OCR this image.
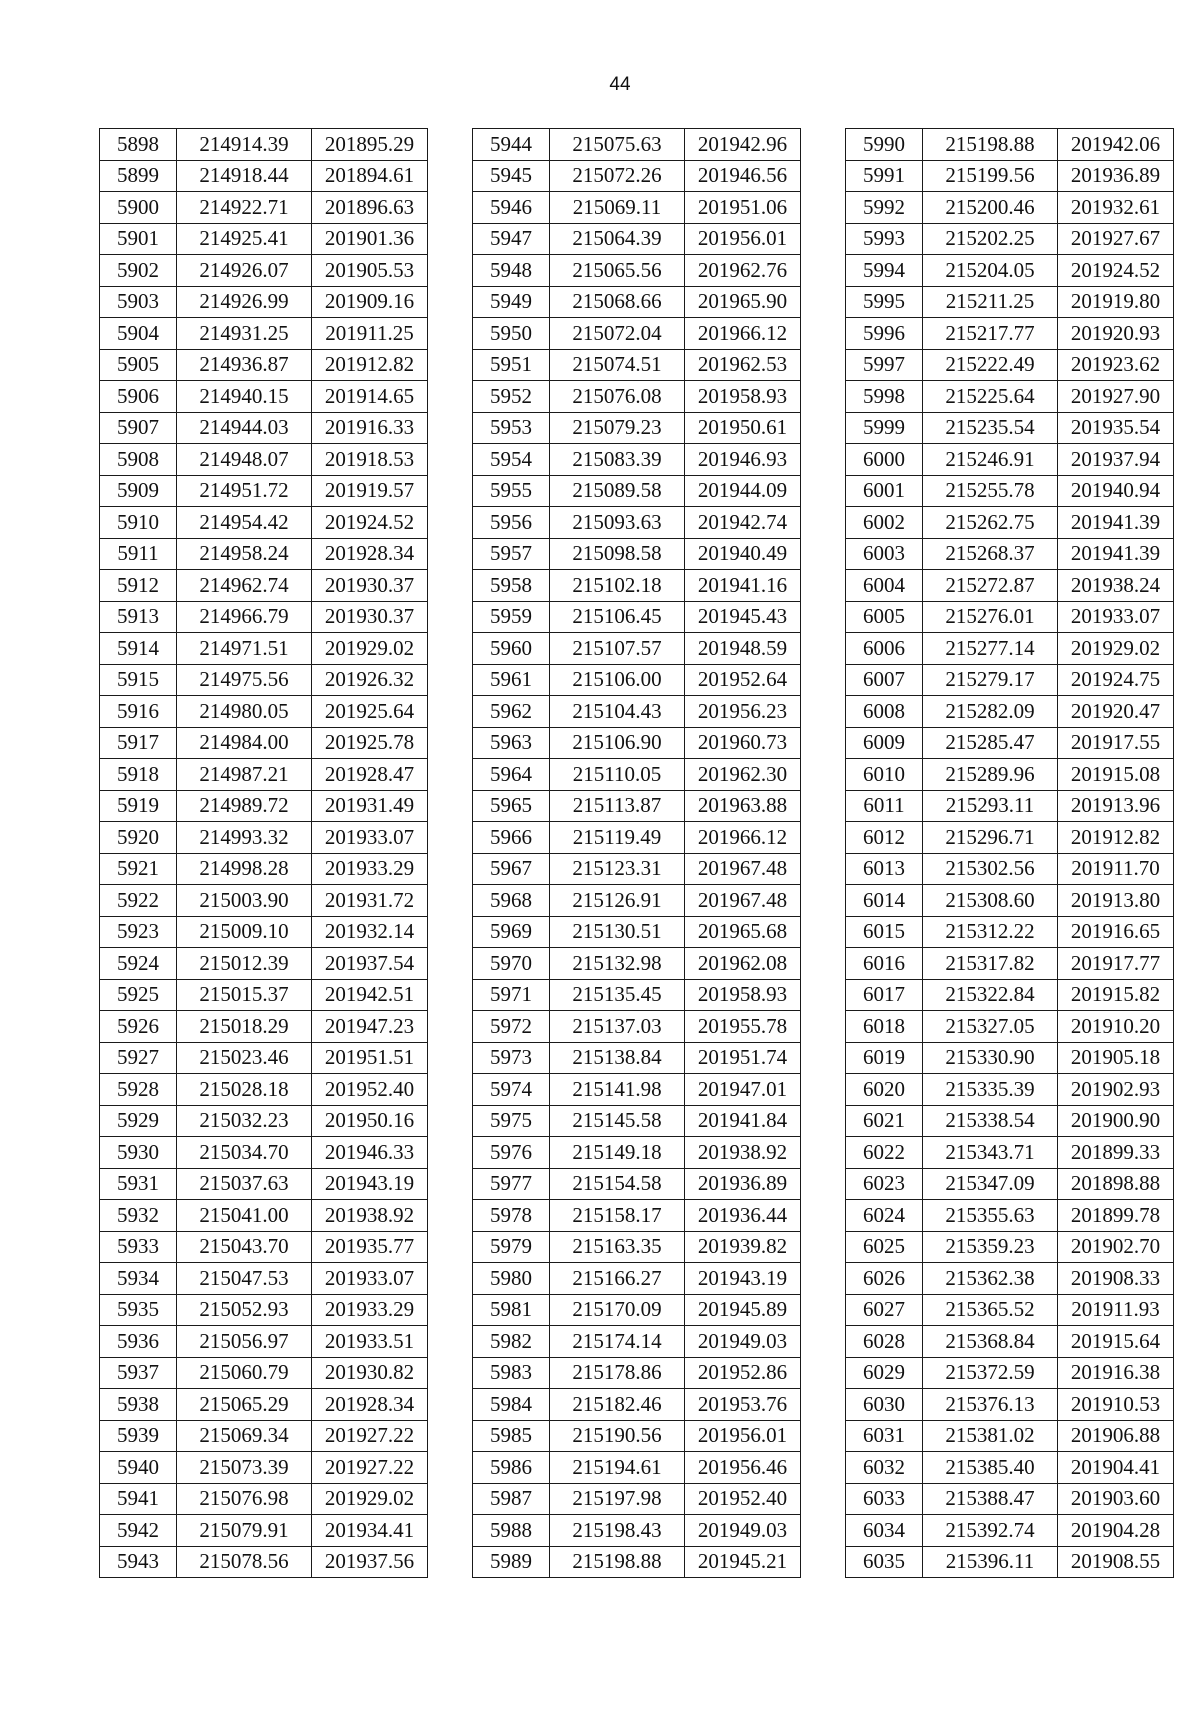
44
5898	214914.39	201895.29
5899	214918.44	201894.61
5900	214922.71	201896.63
5901	214925.41	201901.36
5902	214926.07	201905.53
5903	214926.99	201909.16
5904	214931.25	201911.25
5905	214936.87	201912.82
5906	214940.15	201914.65
5907	214944.03	201916.33
5908	214948.07	201918.53
5909	214951.72	201919.57
5910	214954.42	201924.52
5911	214958.24	201928.34
5912	214962.74	201930.37
5913	214966.79	201930.37
5914	214971.51	201929.02
5915	214975.56	201926.32
5916	214980.05	201925.64
5917	214984.00	201925.78
5918	214987.21	201928.47
5919	214989.72	201931.49
5920	214993.32	201933.07
5921	214998.28	201933.29
5922	215003.90	201931.72
5923	215009.10	201932.14
5924	215012.39	201937.54
5925	215015.37	201942.51
5926	215018.29	201947.23
5927	215023.46	201951.51
5928	215028.18	201952.40
5929	215032.23	201950.16
5930	215034.70	201946.33
5931	215037.63	201943.19
5932	215041.00	201938.92
5933	215043.70	201935.77
5934	215047.53	201933.07
5935	215052.93	201933.29
5936	215056.97	201933.51
5937	215060.79	201930.82
5938	215065.29	201928.34
5939	215069.34	201927.22
5940	215073.39	201927.22
5941	215076.98	201929.02
5942	215079.91	201934.41
5943	215078.56	201937.56
5944	215075.63	201942.96
5945	215072.26	201946.56
5946	215069.11	201951.06
5947	215064.39	201956.01
5948	215065.56	201962.76
5949	215068.66	201965.90
5950	215072.04	201966.12
5951	215074.51	201962.53
5952	215076.08	201958.93
5953	215079.23	201950.61
5954	215083.39	201946.93
5955	215089.58	201944.09
5956	215093.63	201942.74
5957	215098.58	201940.49
5958	215102.18	201941.16
5959	215106.45	201945.43
5960	215107.57	201948.59
5961	215106.00	201952.64
5962	215104.43	201956.23
5963	215106.90	201960.73
5964	215110.05	201962.30
5965	215113.87	201963.88
5966	215119.49	201966.12
5967	215123.31	201967.48
5968	215126.91	201967.48
5969	215130.51	201965.68
5970	215132.98	201962.08
5971	215135.45	201958.93
5972	215137.03	201955.78
5973	215138.84	201951.74
5974	215141.98	201947.01
5975	215145.58	201941.84
5976	215149.18	201938.92
5977	215154.58	201936.89
5978	215158.17	201936.44
5979	215163.35	201939.82
5980	215166.27	201943.19
5981	215170.09	201945.89
5982	215174.14	201949.03
5983	215178.86	201952.86
5984	215182.46	201953.76
5985	215190.56	201956.01
5986	215194.61	201956.46
5987	215197.98	201952.40
5988	215198.43	201949.03
5989	215198.88	201945.21
5990	215198.88	201942.06
5991	215199.56	201936.89
5992	215200.46	201932.61
5993	215202.25	201927.67
5994	215204.05	201924.52
5995	215211.25	201919.80
5996	215217.77	201920.93
5997	215222.49	201923.62
5998	215225.64	201927.90
5999	215235.54	201935.54
6000	215246.91	201937.94
6001	215255.78	201940.94
6002	215262.75	201941.39
6003	215268.37	201941.39
6004	215272.87	201938.24
6005	215276.01	201933.07
6006	215277.14	201929.02
6007	215279.17	201924.75
6008	215282.09	201920.47
6009	215285.47	201917.55
6010	215289.96	201915.08
6011	215293.11	201913.96
6012	215296.71	201912.82
6013	215302.56	201911.70
6014	215308.60	201913.80
6015	215312.22	201916.65
6016	215317.82	201917.77
6017	215322.84	201915.82
6018	215327.05	201910.20
6019	215330.90	201905.18
6020	215335.39	201902.93
6021	215338.54	201900.90
6022	215343.71	201899.33
6023	215347.09	201898.88
6024	215355.63	201899.78
6025	215359.23	201902.70
6026	215362.38	201908.33
6027	215365.52	201911.93
6028	215368.84	201915.64
6029	215372.59	201916.38
6030	215376.13	201910.53
6031	215381.02	201906.88
6032	215385.40	201904.41
6033	215388.47	201903.60
6034	215392.74	201904.28
6035	215396.11	201908.55
